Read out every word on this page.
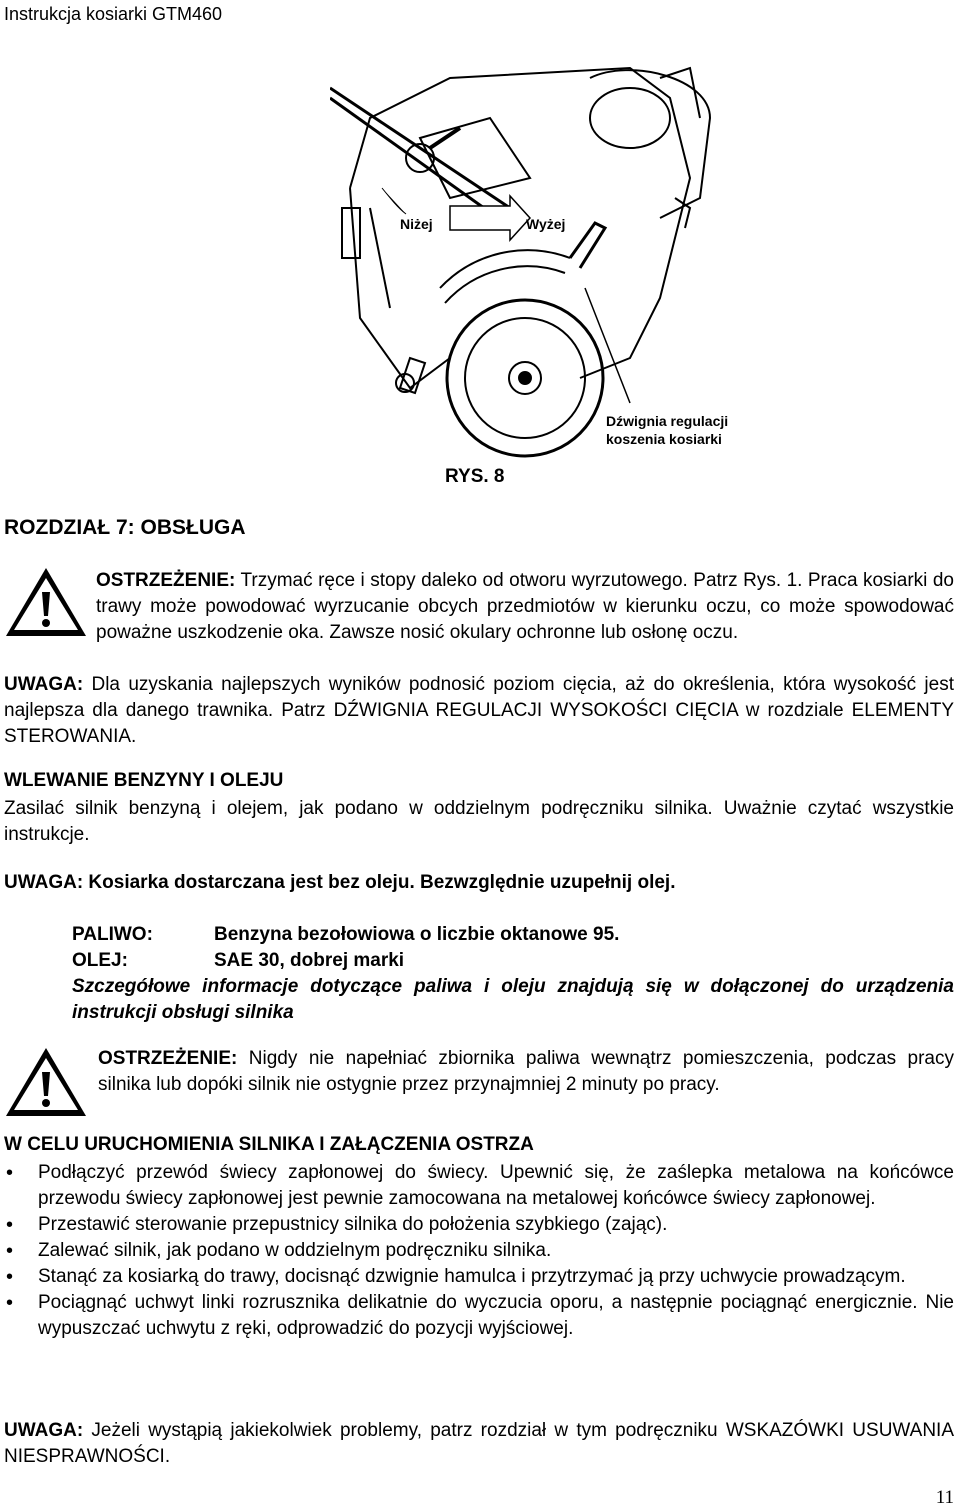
Instrukcja kosiarki GTM460
Niżej	Wyżej
Dźwignia regulacji
koszenia kosiarki
RYS. 8
ROZDZIAŁ 7: OBSŁUGA
OSTRZEŻENIE: Trzymać ręce i stopy daleko od otworu wyrzutowego. Patrz Rys. 1. Praca kosiarki do trawy może powodować wyrzucanie obcych przedmiotów w kierunku oczu, co może spowodować poważne uszkodzenie oka. Zawsze nosić okulary ochronne lub osłonę oczu.
UWAGA: Dla uzyskania najlepszych wyników podnosić poziom cięcia, aż do określenia, która wysokość jest najlepsza dla danego trawnika. Patrz DŹWIGNIA REGULACJI WYSOKOŚCI CIĘCIA w rozdziale ELEMENTY STEROWANIA.
WLEWANIE BENZYNY I OLEJU
Zasilać silnik benzyną i olejem, jak podano w oddzielnym podręczniku silnika. Uważnie czytać wszystkie instrukcje.
UWAGA: Kosiarka dostarczana jest bez oleju. Bezwzględnie uzupełnij olej.
PALIWO:	Benzyna bezołowiowa o liczbie oktanowe 95.
OLEJ:	SAE 30, dobrej marki
Szczegółowe informacje dotyczące paliwa i oleju znajdują się w dołączonej do urządzenia instrukcji obsługi silnika
OSTRZEŻENIE: Nigdy nie napełniać zbiornika paliwa wewnątrz pomieszczenia, podczas pracy silnika lub dopóki silnik nie ostygnie przez przynajmniej 2 minuty po pracy.
W CELU URUCHOMIENIA SILNIKA I ZAŁĄCZENIA OSTRZA
• Podłączyć przewód świecy zapłonowej do świecy. Upewnić się, że zaślepka metalowa na końcówce przewodu świecy zapłonowej jest pewnie zamocowana na metalowej końcówce świecy zapłonowej.
• Przestawić sterowanie przepustnicy silnika do położenia szybkiego (zając).
• Zalewać silnik, jak podano w oddzielnym podręczniku silnika.
• Stanąć za kosiarką do trawy, docisnąć dzwignie hamulca i przytrzymać ją przy uchwycie prowadzącym.
• Pociągnąć uchwyt linki rozrusznika delikatnie do wyczucia oporu, a następnie pociągnąć energicznie. Nie wypuszczać uchwytu z ręki, odprowadzić do pozycji wyjściowej.
UWAGA: Jeżeli wystąpią jakiekolwiek problemy, patrz rozdział w tym podręczniku WSKAZÓWKI USUWANIA NIESPRAWNOŚCI.
11
